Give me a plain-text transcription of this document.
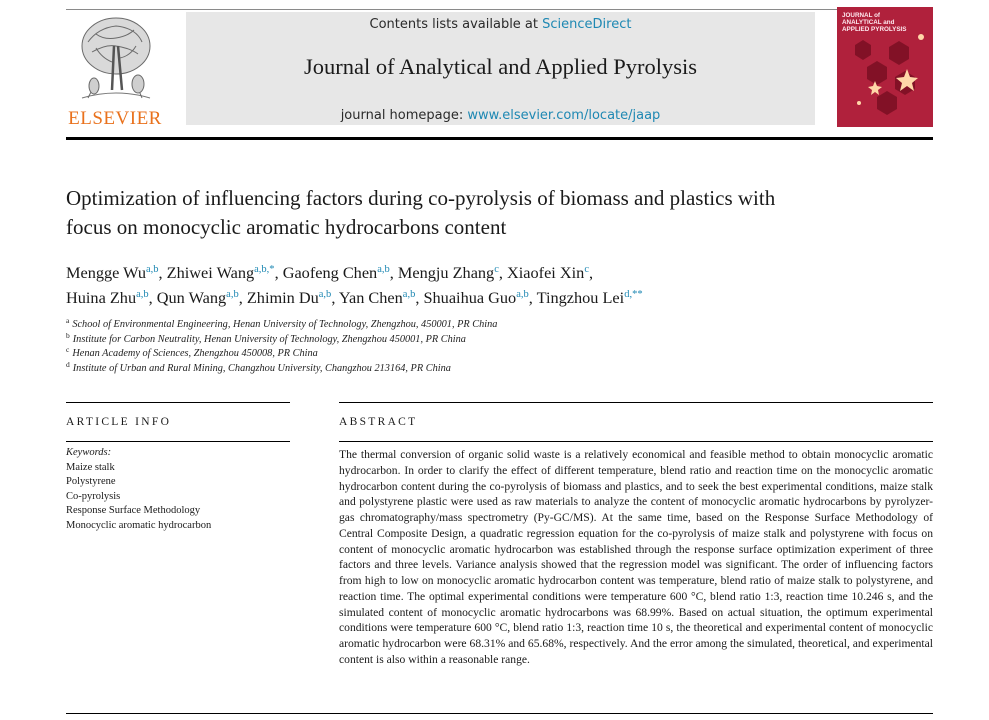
ELSEVIER
Contents lists available at ScienceDirect
Journal of Analytical and Applied Pyrolysis
journal homepage: www.elsevier.com/locate/jaap
JOURNAL of
ANALYTICAL and
APPLIED PYROLYSIS
Optimization of influencing factors during co-pyrolysis of biomass and plastics with focus on monocyclic aromatic hydrocarbons content
Mengge Wu$^{a,b}$, Zhiwei Wang$^{a,b,*}$, Gaofeng Chen$^{a,b}$, Mengju Zhang$^c$, Xiaofei Xin$^c$,
Huina Zhu$^{a,b}$, Qun Wang$^{a,b}$, Zhimin Du$^{a,b}$, Yan Chen$^{a,b}$, Shuaihua Guo$^{a,b}$, Tingzhou Lei$^{d,**}$
$^a$ School of Environmental Engineering, Henan University of Technology, Zhengzhou, 450001, PR China
$^b$ Institute for Carbon Neutrality, Henan University of Technology, Zhengzhou 450001, PR China
$^c$ Henan Academy of Sciences, Zhengzhou 450008, PR China
$^d$ Institute of Urban and Rural Mining, Changzhou University, Changzhou 213164, PR China
ARTICLE INFO
Keywords:
Maize stalk
Polystyrene
Co-pyrolysis
Response Surface Methodology
Monocyclic aromatic hydrocarbon
ABSTRACT
The thermal conversion of organic solid waste is a relatively economical and feasible method to obtain monocyclic aromatic hydrocarbon. In order to clarify the effect of different temperature, blend ratio and reaction time on the monocyclic aromatic hydrocarbon content during the co-pyrolysis of biomass and plastics, and to seek the best experimental conditions, maize stalk and polystyrene plastic were used as raw materials to analyze the content of monocyclic aromatic hydrocarbons by pyrolyzer-gas chromatography/mass spectrometry (Py-GC/MS). At the same time, based on the Response Surface Methodology of Central Composite Design, a quadratic regression equation for the co-pyrolysis of maize stalk and polystyrene with focus on content of monocyclic aromatic hydrocarbon was established through the response surface optimization experiment of three factors and three levels. Variance analysis showed that the regression model was significant. The order of influencing factors from high to low on monocyclic aromatic hydrocarbon content was temperature, blend ratio of maize stalk to polystyrene, and reaction time. The optimal experimental conditions were temperature 600 °C, blend ratio 1:3, reaction time 10.246 s, and the simulated content of monocyclic aromatic hydrocarbons was 68.99%. Based on actual situation, the optimum experimental conditions were temperature 600 °C, blend ratio 1:3, reaction time 10 s, the theoretical and experimental content of monocyclic aromatic hydrocarbon were 68.31% and 65.68%, respectively. And the error among the simulated, theoretical, and experimental content is also within a reasonable range.
